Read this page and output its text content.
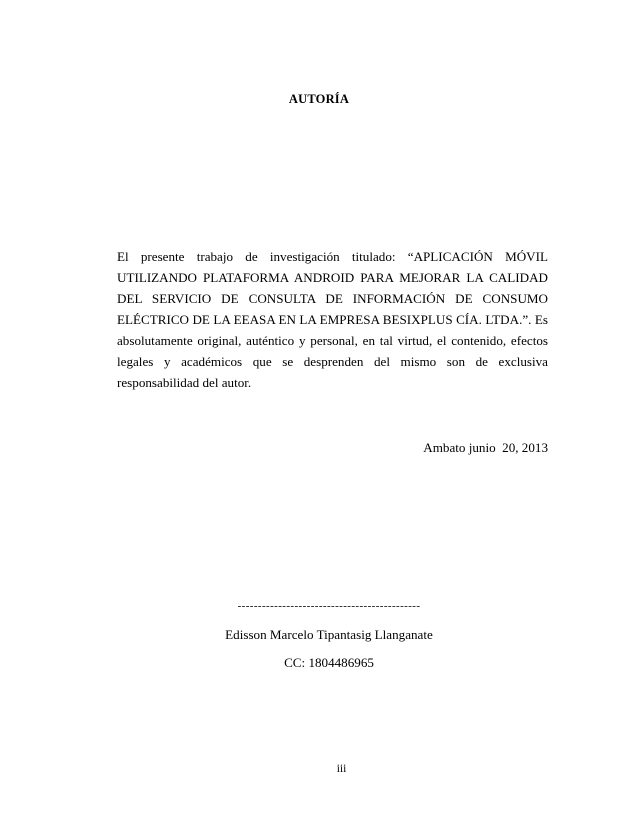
AUTORÍA

El presente trabajo de investigación titulado: “APLICACIÓN MÓVIL UTILIZANDO PLATAFORMA ANDROID PARA MEJORAR LA CALIDAD DEL SERVICIO DE CONSULTA DE INFORMACIÓN DE CONSUMO ELÉCTRICO DE LA EEASA EN LA EMPRESA BESIXPLUS CÍA. LTDA.”. Es absolutamente original, auténtico y personal, en tal virtud, el contenido, efectos legales y académicos que se desprenden del mismo son de exclusiva responsabilidad del autor.

Ambato junio  20, 2013
---------------------------------------------
Edisson Marcelo Tipantasig Llanganate
CC: 1804486965
iii
